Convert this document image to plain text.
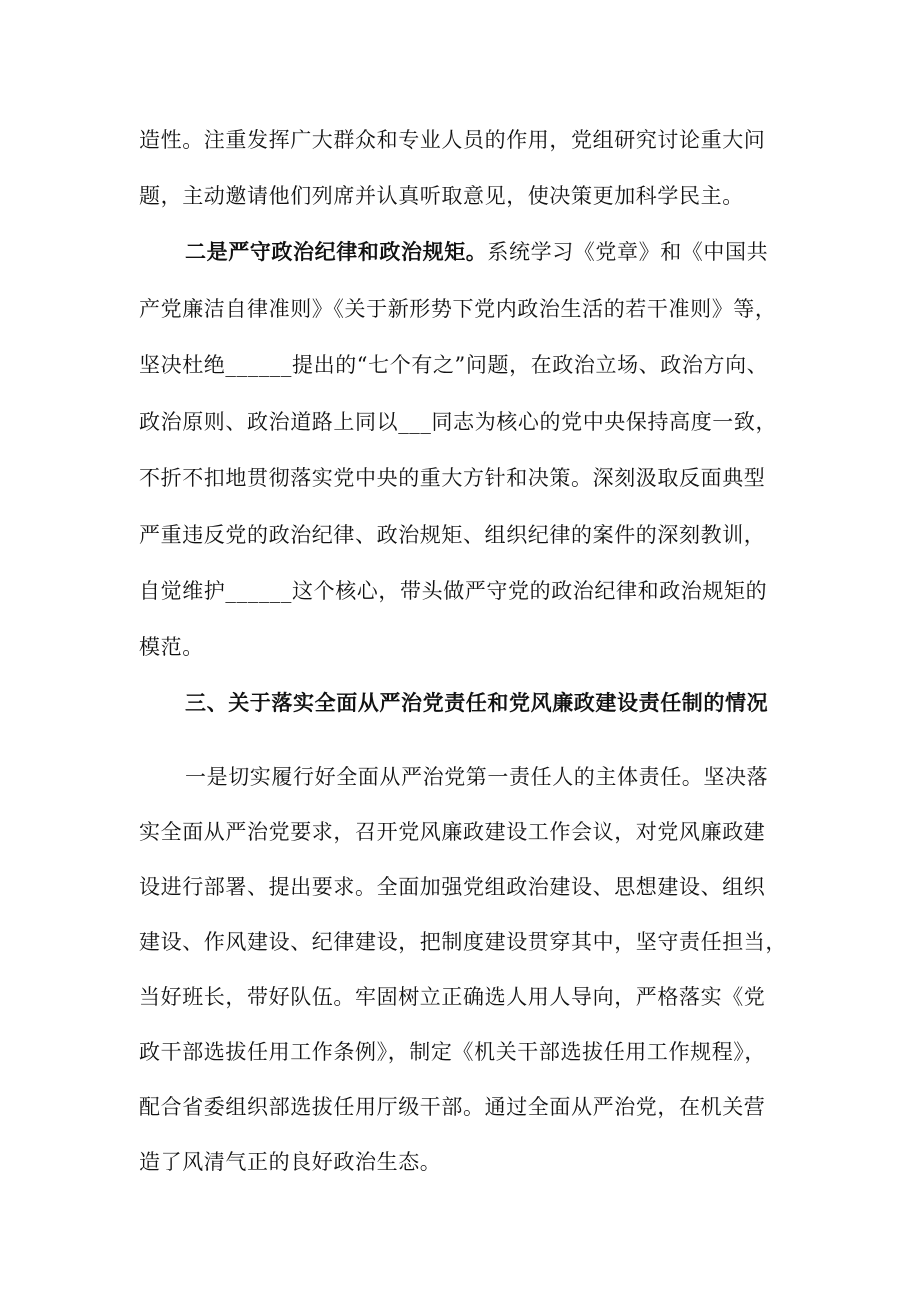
造性。注重发挥广大群众和专业人员的作用，党组研究讨论重大问
题，主动邀请他们列席并认真听取意见，使决策更加科学民主。
二是严守政治纪律和政治规矩。系统学习《党章》和《中国共
产党廉洁自律准则》《关于新形势下党内政治生活的若干准则》等，
坚决杜绝______提出的“七个有之”问题，在政治立场、政治方向、
政治原则、政治道路上同以___同志为核心的党中央保持高度一致，
不折不扣地贯彻落实党中央的重大方针和决策。深刻汲取反面典型
严重违反党的政治纪律、政治规矩、组织纪律的案件的深刻教训，
自觉维护______这个核心，带头做严守党的政治纪律和政治规矩的
模范。
三、关于落实全面从严治党责任和党风廉政建设责任制的情况
一是切实履行好全面从严治党第一责任人的主体责任。坚决落
实全面从严治党要求，召开党风廉政建设工作会议，对党风廉政建
设进行部署、提出要求。全面加强党组政治建设、思想建设、组织
建设、作风建设、纪律建设，把制度建设贯穿其中，坚守责任担当，
当好班长，带好队伍。牢固树立正确选人用人导向，严格落实《党
政干部选拔任用工作条例》，制定《机关干部选拔任用工作规程》，
配合省委组织部选拔任用厅级干部。通过全面从严治党，在机关营
造了风清气正的良好政治生态。
